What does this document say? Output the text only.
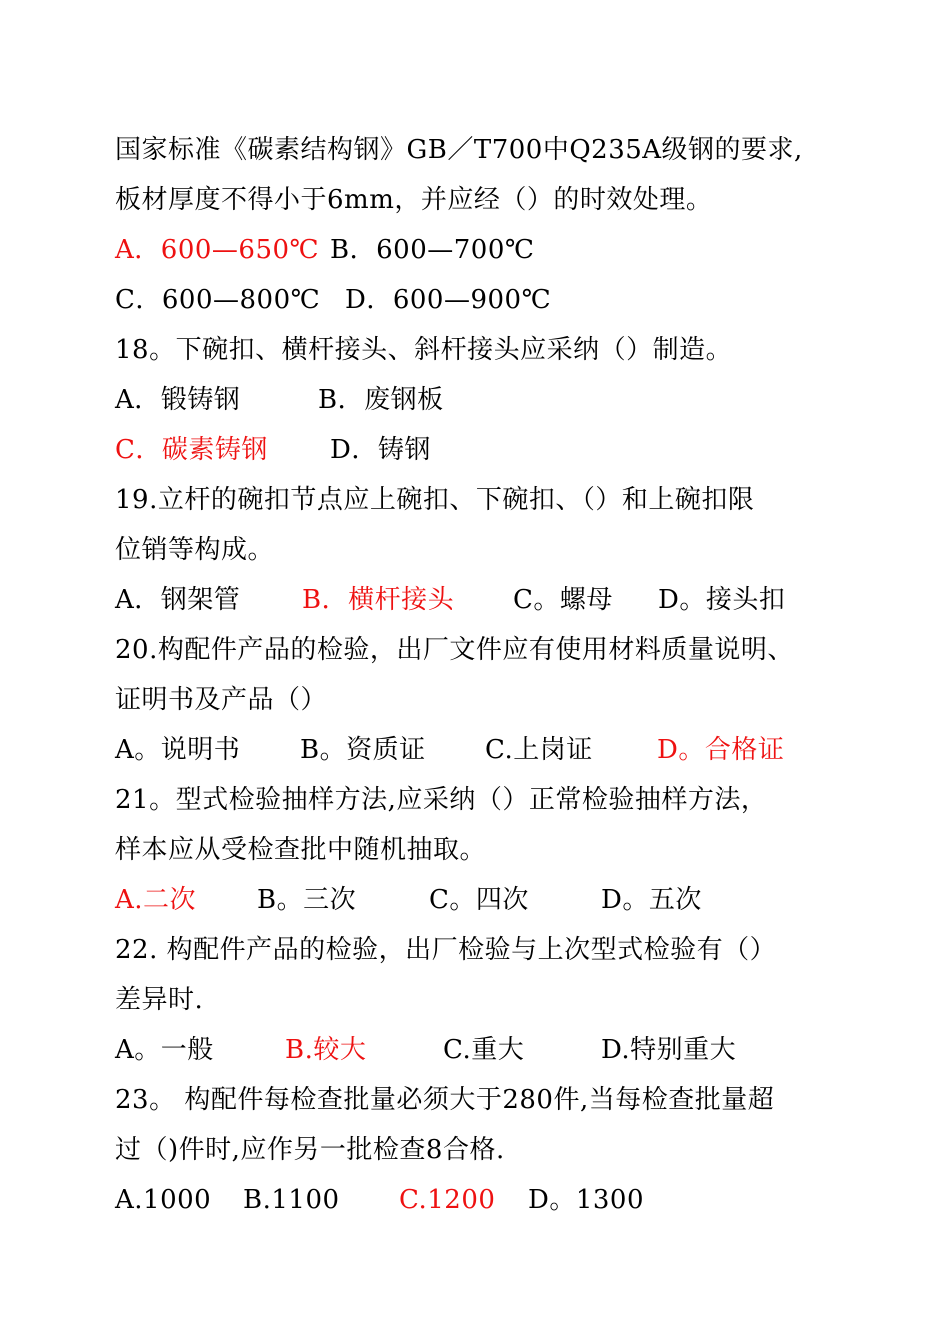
国家标准《碳素结构钢》GB／T700中Q235A级钢的要求,
板材厚度不得小于6mm，并应经（）的时效处理。
A．600—650℃ B．600—700℃
C．600—800℃ D．600—900℃
18。下碗扣、横杆接头、斜杆接头应采纳（）制造。
A．锻铸钢	B．废钢板
C．碳素铸钢 D．铸钢
19.立杆的碗扣节点应上碗扣、下碗扣、（）和上碗扣限
位销等构成。
A．钢架管 B．横杆接头 C。螺母 D。接头扣
20.构配件产品的检验，出厂文件应有使用材料质量说明、
证明书及产品（）
A。说明书 B。资质证 C.上岗证 D。合格证
21。型式检验抽样方法,应采纳（）正常检验抽样方法，
样本应从受检查批中随机抽取。
A.二次 B。三次	C。四次	D。五次
22. 构配件产品的检验，出厂检验与上次型式检验有（）
差异时.
A。一般	B.较大	C.重大	D.特别重大
23。 构配件每检查批量必须大于280件,当每检查批量超
过（)件时,应作另一批检查8合格.
A.1000 B.1100 C.1200 D。1300
